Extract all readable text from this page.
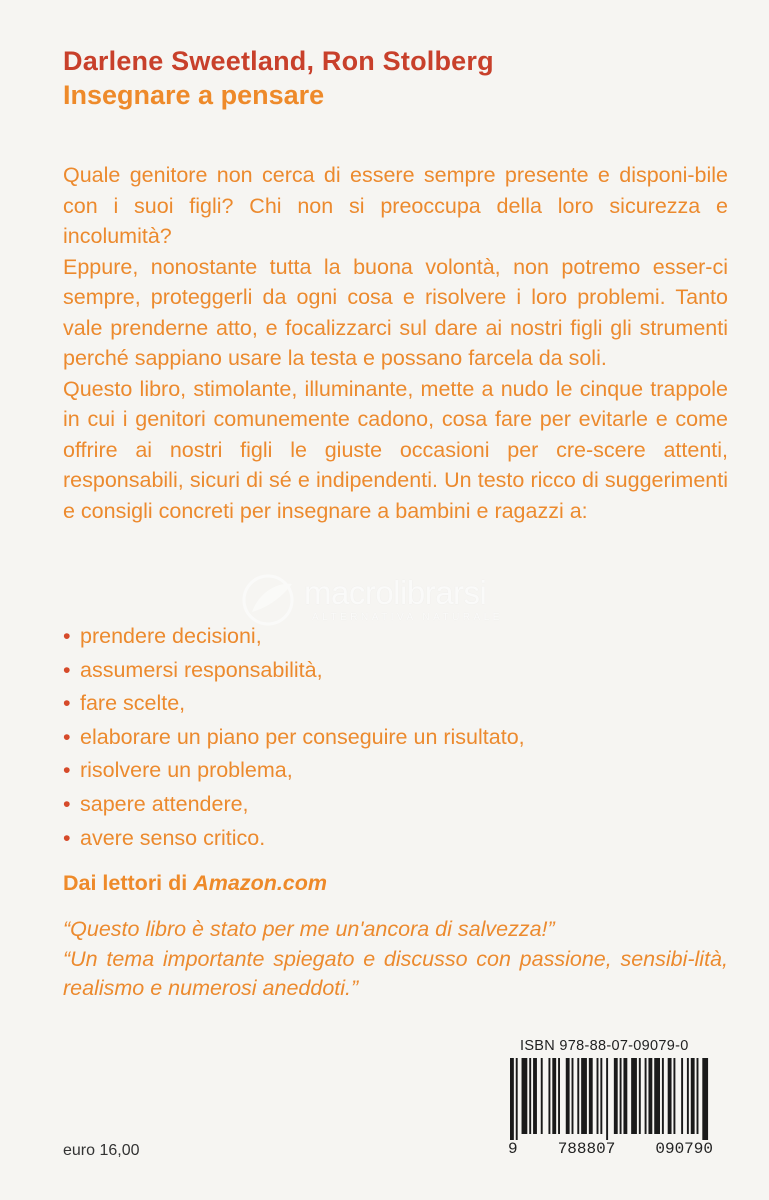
Darlene Sweetland, Ron Stolberg
Insegnare a pensare

Quale genitore non cerca di essere sempre presente e disponi-bile con i suoi figli? Chi non si preoccupa della loro sicurezza e incolumità?

Eppure, nonostante tutta la buona volontà, non potremo esser-ci sempre, proteggerli da ogni cosa e risolvere i loro problemi. Tanto vale prenderne atto, e focalizzarci sul dare ai nostri figli gli strumenti perché sappiano usare la testa e possano farcela da soli.

Questo libro, stimolante, illuminante, mette a nudo le cinque trappole in cui i genitori comunemente cadono, cosa fare per evitarle e come offrire ai nostri figli le giuste occasioni per cre-scere attenti, responsabili, sicuri di sé e indipendenti. Un testo ricco di suggerimenti e consigli concreti per insegnare a bambini e ragazzi a:

macrolibrarsi
ALTERNATIVA NATURALE
• prendere decisioni,
• assumersi responsabilità,
• fare scelte,
• elaborare un piano per conseguire un risultato,
• risolvere un problema,
• sapere attendere,
• avere senso critico.
Dai lettori di Amazon.com

“Questo libro è stato per me un'ancora di salvezza!”

“Un tema importante spiegato e discusso con passione, sensibi-lità, realismo e numerosi aneddoti.”

euro 16,00
ISBN 978-88-07-09079-0
9	788807	090790
